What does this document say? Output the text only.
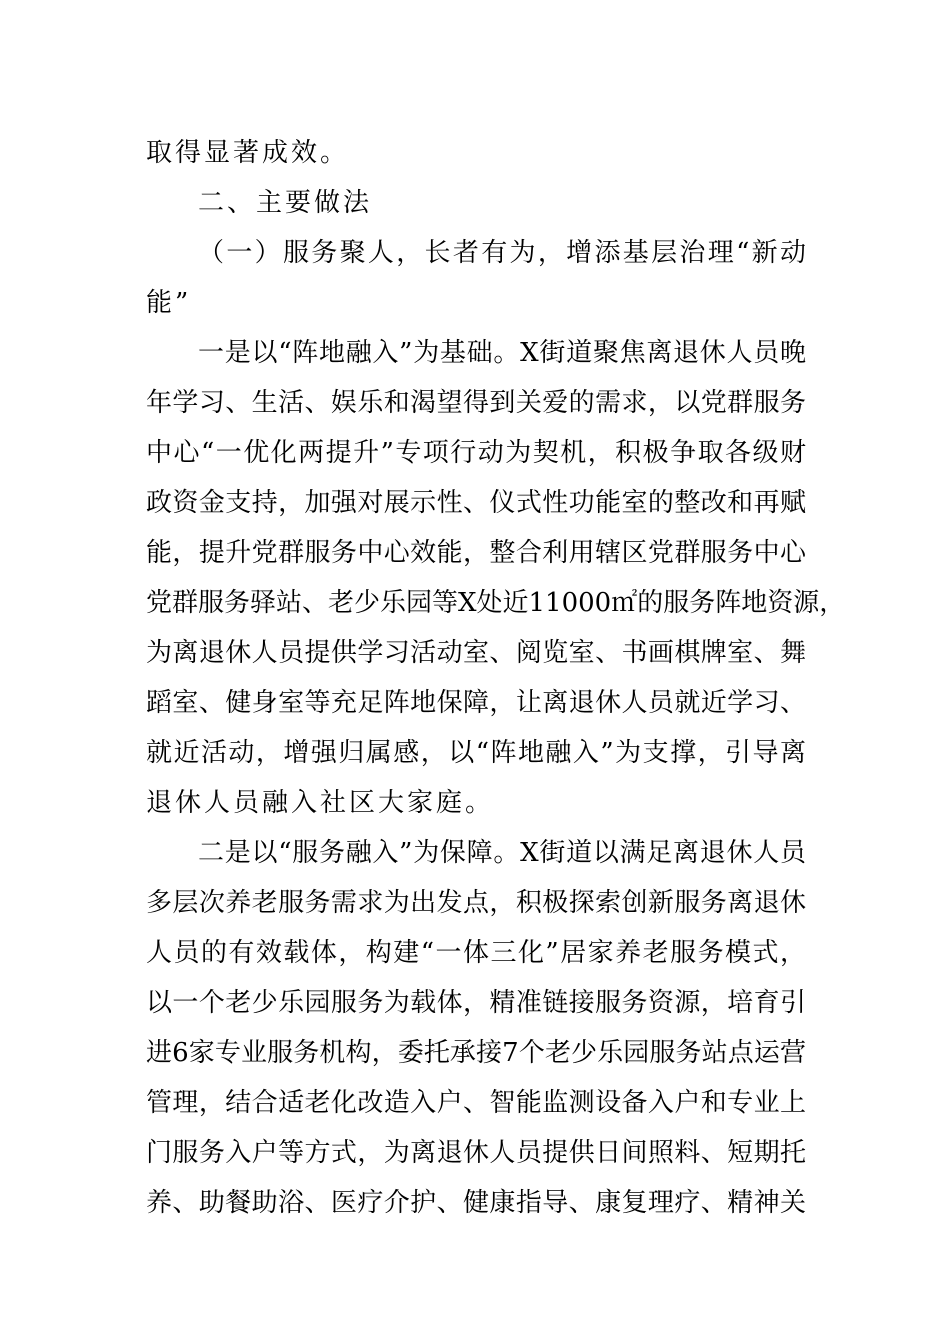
取得显著成效。
二、主要做法
（一）服务聚人，长者有为，增添基层治理“新动
能”
一是以“阵地融入”为基础。X街道聚焦离退休人员晚
年学习、生活、娱乐和渴望得到关爱的需求，以党群服务
中心“一优化两提升”专项行动为契机，积极争取各级财
政资金支持，加强对展示性、仪式性功能室的整改和再赋
能，提升党群服务中心效能，整合利用辖区党群服务中心
党群服务驿站、老少乐园等X处近11000㎡的服务阵地资源，
为离退休人员提供学习活动室、阅览室、书画棋牌室、舞
蹈室、健身室等充足阵地保障，让离退休人员就近学习、
就近活动，增强归属感，以“阵地融入”为支撑，引导离
退休人员融入社区大家庭。
二是以“服务融入”为保障。X街道以满足离退休人员
多层次养老服务需求为出发点，积极探索创新服务离退休
人员的有效载体，构建“一体三化”居家养老服务模式，
以一个老少乐园服务为载体，精准链接服务资源，培育引
进6家专业服务机构，委托承接7个老少乐园服务站点运营
管理，结合适老化改造入户、智能监测设备入户和专业上
门服务入户等方式，为离退休人员提供日间照料、短期托
养、助餐助浴、医疗介护、健康指导、康复理疗、精神关
